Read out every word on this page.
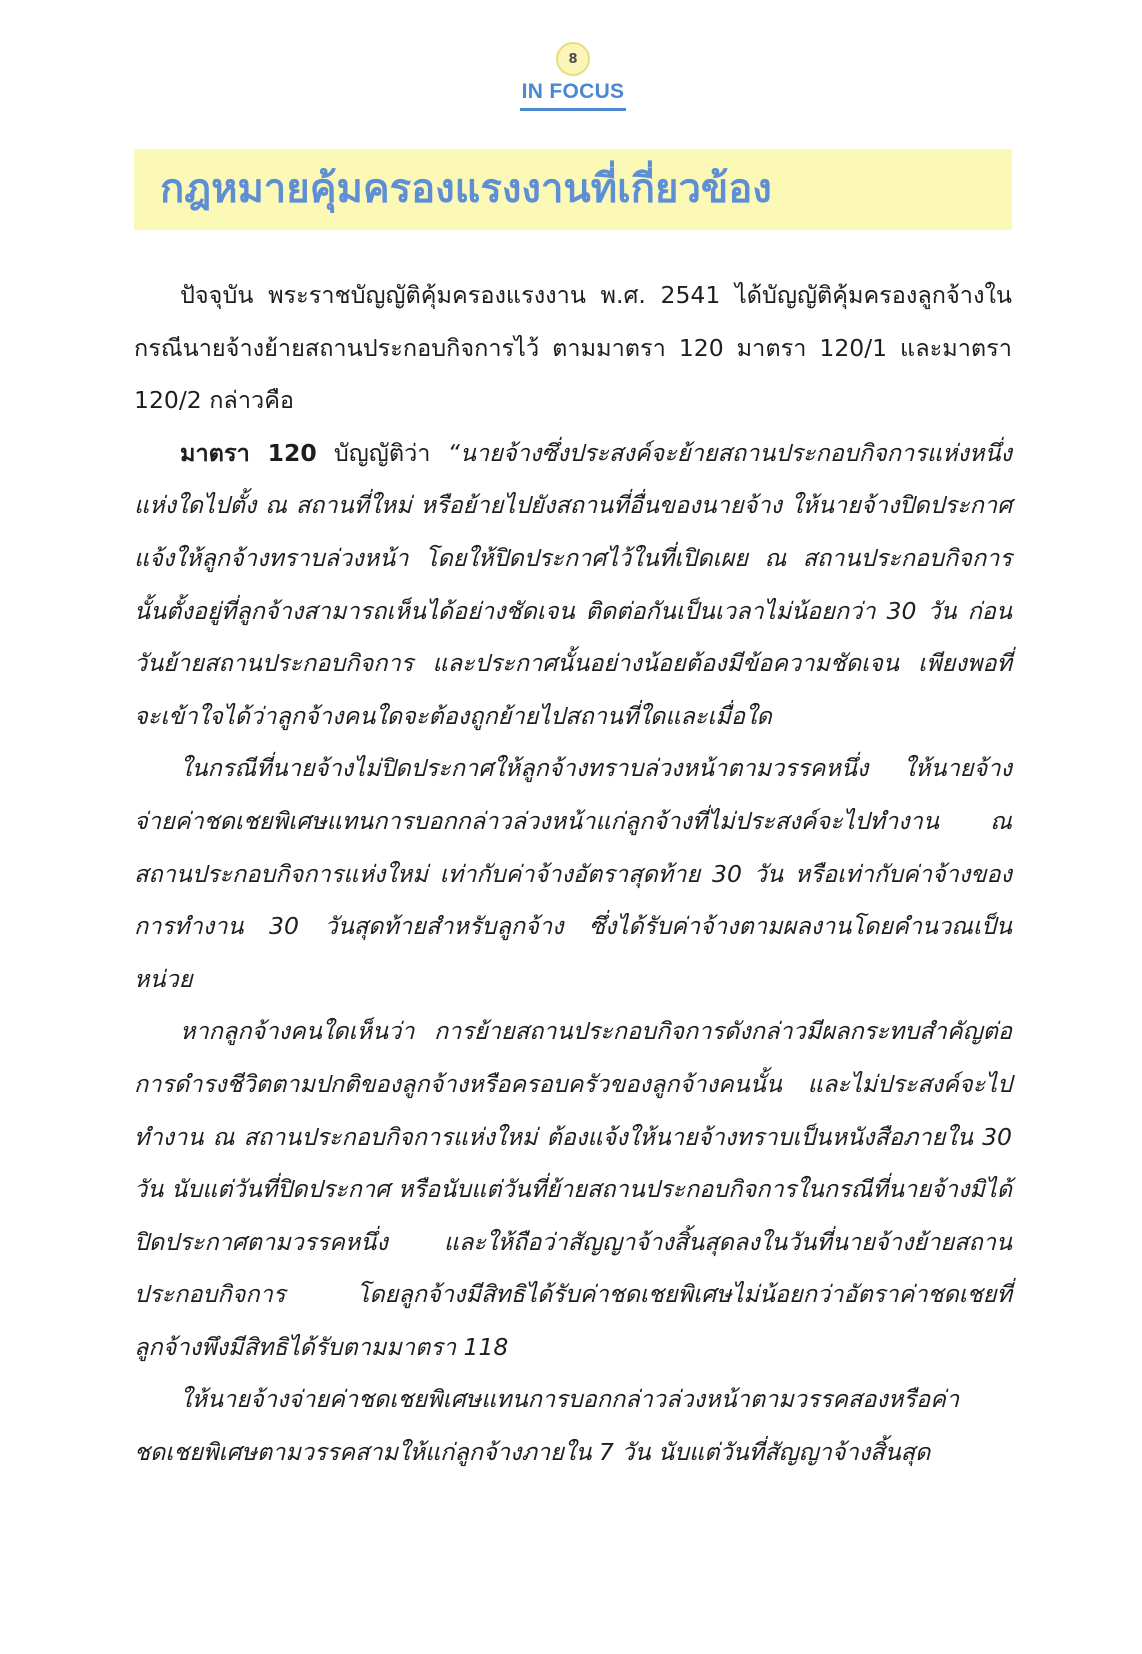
8
IN FOCUS
กฎหมายคุ้มครองแรงงานที่เกี่ยวข้อง

ปัจจุบัน พระราชบัญญัติคุ้มครองแรงงาน พ.ศ. 2541 ได้บัญญัติคุ้มครองลูกจ้างในกรณีนายจ้างย้ายสถานประกอบกิจการไว้ ตามมาตรา 120 มาตรา 120/1 และมาตรา 120/2 กล่าวคือ

มาตรา 120 บัญญัติว่า “นายจ้างซึ่งประสงค์จะย้ายสถานประกอบกิจการแห่งหนึ่งแห่งใดไปตั้ง ณ สถานที่ใหม่ หรือย้ายไปยังสถานที่อื่นของนายจ้าง ให้นายจ้างปิดประกาศแจ้งให้ลูกจ้างทราบล่วงหน้า โดยให้ปิดประกาศไว้ในที่เปิดเผย ณ สถานประกอบกิจการนั้นตั้งอยู่ที่ลูกจ้างสามารถเห็นได้อย่างชัดเจน ติดต่อกันเป็นเวลาไม่น้อยกว่า 30 วัน ก่อนวันย้ายสถานประกอบกิจการ และประกาศนั้นอย่างน้อยต้องมีข้อความชัดเจน เพียงพอที่จะเข้าใจได้ว่าลูกจ้างคนใดจะต้องถูกย้ายไปสถานที่ใดและเมื่อใด

ในกรณีที่นายจ้างไม่ปิดประกาศให้ลูกจ้างทราบล่วงหน้าตามวรรคหนึ่ง ให้นายจ้างจ่ายค่าชดเชยพิเศษแทนการบอกกล่าวล่วงหน้าแก่ลูกจ้างที่ไม่ประสงค์จะไปทำงาน ณ สถานประกอบกิจการแห่งใหม่ เท่ากับค่าจ้างอัตราสุดท้าย 30 วัน หรือเท่ากับค่าจ้างของการทำงาน 30 วันสุดท้ายสำหรับลูกจ้าง ซึ่งได้รับค่าจ้างตามผลงานโดยคำนวณเป็นหน่วย

หากลูกจ้างคนใดเห็นว่า การย้ายสถานประกอบกิจการดังกล่าวมีผลกระทบสำคัญต่อการดำรงชีวิตตามปกติของลูกจ้างหรือครอบครัวของลูกจ้างคนนั้น และไม่ประสงค์จะไปทำงาน ณ สถานประกอบกิจการแห่งใหม่ ต้องแจ้งให้นายจ้างทราบเป็นหนังสือภายใน 30 วัน นับแต่วันที่ปิดประกาศ หรือนับแต่วันที่ย้ายสถานประกอบกิจการในกรณีที่นายจ้างมิได้ปิดประกาศตามวรรคหนึ่ง และให้ถือว่าสัญญาจ้างสิ้นสุดลงในวันที่นายจ้างย้ายสถานประกอบกิจการ โดยลูกจ้างมีสิทธิได้รับค่าชดเชยพิเศษไม่น้อยกว่าอัตราค่าชดเชยที่ลูกจ้างพึงมีสิทธิได้รับตามมาตรา 118

ให้นายจ้างจ่ายค่าชดเชยพิเศษแทนการบอกกล่าวล่วงหน้าตามวรรคสองหรือค่าชดเชยพิเศษตามวรรคสามให้แก่ลูกจ้างภายใน 7 วัน นับแต่วันที่สัญญาจ้างสิ้นสุด
